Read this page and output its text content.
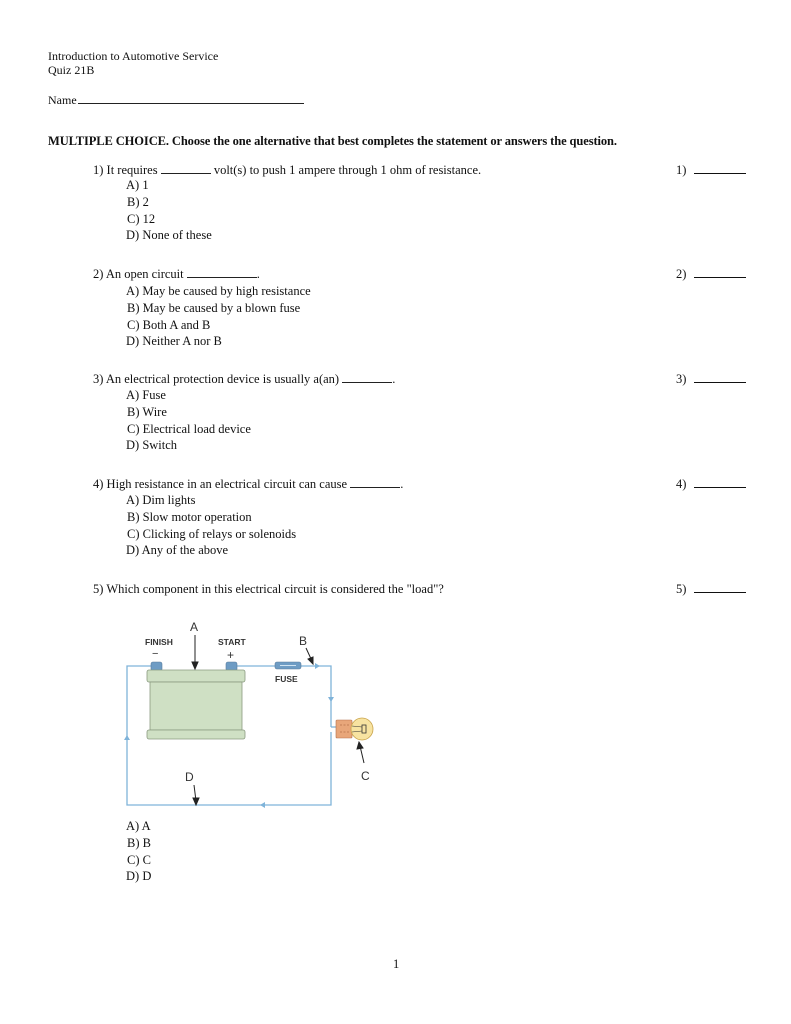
Introduction to Automotive Service
Quiz 21B
Name
MULTIPLE CHOICE. Choose the one alternative that best completes the statement or answers the question.
1) It requires	volt(s) to push 1 ampere through 1 ohm of resistance.	1)
A) 1
B) 2
C) 12
D) None of these
2) An open circuit	.	2)
A) May be caused by high resistance
B) May be caused by a blown fuse
C) Both A and B
D) Neither A nor B
3) An electrical protection device is usually a(an)	.	3)
A) Fuse
B) Wire
C) Electrical load device
D) Switch
4) High resistance in an electrical circuit can cause	.	4)
A) Dim lights
B) Slow motor operation
C) Clicking of relays or solenoids
D) Any of the above
5) Which component in this electrical circuit is considered the "load"?	5)
A
FINISH
−
START
+
B
FUSE
C
D
A) A
B) B
C) C
D) D
1
